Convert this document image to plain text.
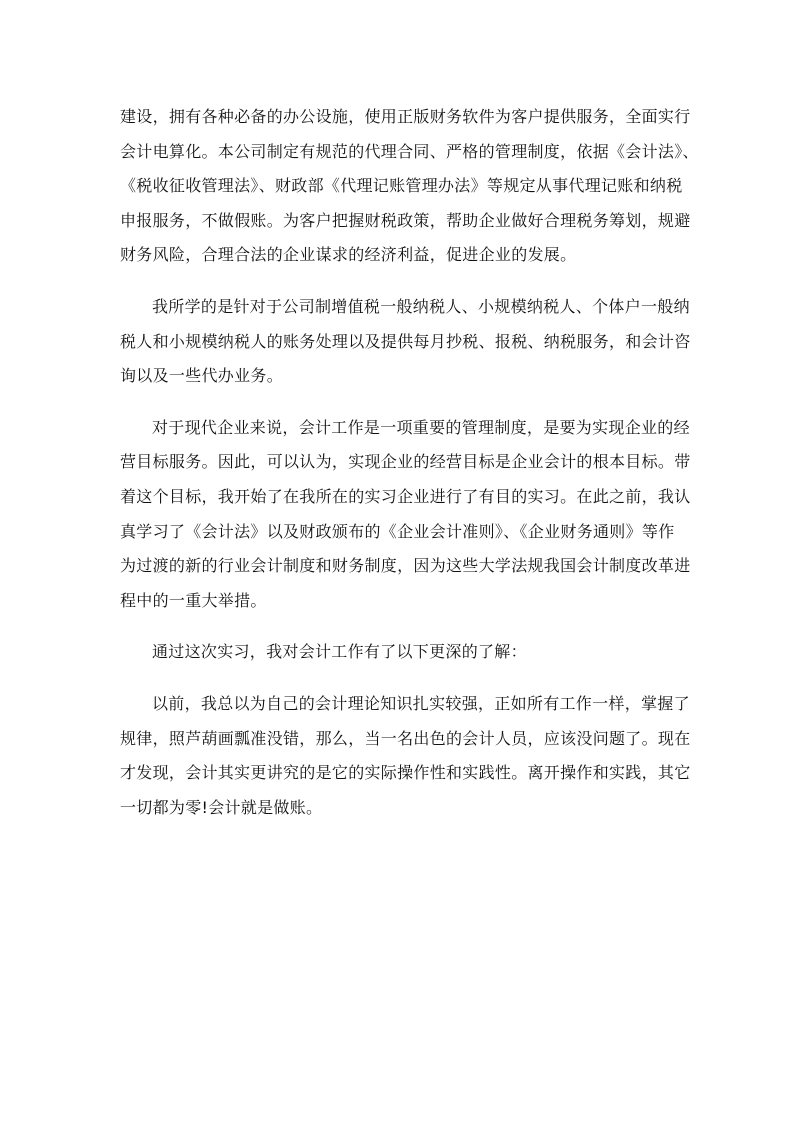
建设，拥有各种必备的办公设施，使用正版财务软件为客户提供服务，全面实行
会计电算化。本公司制定有规范的代理合同、严格的管理制度，依据《会计法》、
《税收征收管理法》、财政部《代理记账管理办法》等规定从事代理记账和纳税
申报服务，不做假账。为客户把握财税政策，帮助企业做好合理税务筹划，规避
财务风险，合理合法的企业谋求的经济利益，促进企业的发展。

我所学的是针对于公司制增值税一般纳税人、小规模纳税人、个体户一般纳
税人和小规模纳税人的账务处理以及提供每月抄税、报税、纳税服务，和会计咨
询以及一些代办业务。

对于现代企业来说，会计工作是一项重要的管理制度，是要为实现企业的经
营目标服务。因此，可以认为，实现企业的经营目标是企业会计的根本目标。带
着这个目标，我开始了在我所在的实习企业进行了有目的实习。在此之前，我认
真学习了《会计法》以及财政颁布的《企业会计准则》、《企业财务通则》等作
为过渡的新的行业会计制度和财务制度，因为这些大学法规我国会计制度改革进
程中的一重大举措。

通过这次实习，我对会计工作有了以下更深的了解：

以前，我总以为自己的会计理论知识扎实较强，正如所有工作一样，掌握了
规律，照芦葫画瓢准没错，那么，当一名出色的会计人员，应该没问题了。现在
才发现，会计其实更讲究的是它的实际操作性和实践性。离开操作和实践，其它
一切都为零!会计就是做账。
